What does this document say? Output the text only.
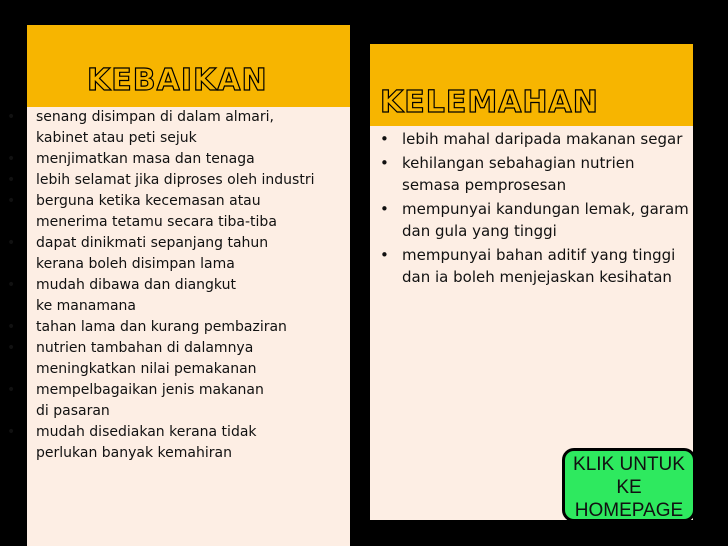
KEBAIKAN
KELEMAHAN
• senang disimpan di dalam almari, kabinet atau peti sejuk
• menjimatkan masa dan tenaga
• lebih selamat jika diproses oleh industri
• berguna ketika kecemasan atau menerima tetamu secara tiba-tiba
• dapat dinikmati sepanjang tahun kerana boleh disimpan lama
• mudah dibawa dan diangkut ke manamana
• tahan lama dan kurang pembaziran
• nutrien tambahan di dalamnya meningkatkan nilai pemakanan
• mempelbagaikan jenis makanan di pasaran
• mudah disediakan kerana tidak perlukan banyak kemahiran
• lebih mahal daripada makanan segar
• kehilangan sebahagian nutrien semasa pemprosesan
• mempunyai kandungan lemak, garam dan gula yang tinggi
• mempunyai bahan aditif yang tinggi dan ia boleh menjejaskan kesihatan
KLIK UNTUK KE HOMEPAGE
